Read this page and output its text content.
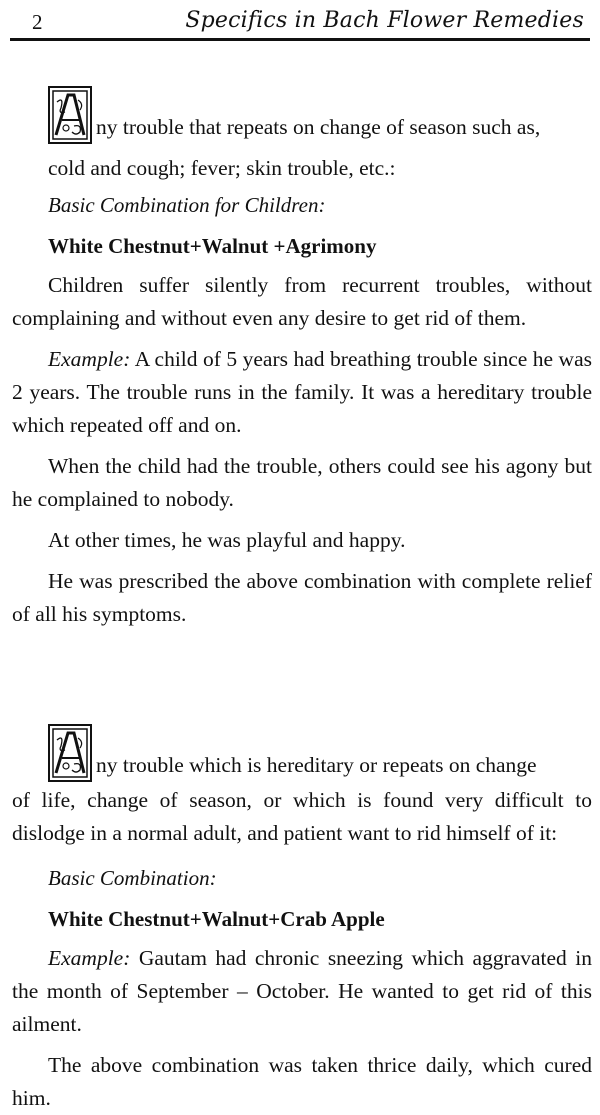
2	Specifics in Bach Flower Remedies
ny trouble that repeats on change of season such as,

cold and cough; fever; skin trouble, etc.:

Basic Combination for Children:

White Chestnut+Walnut +Agrimony

Children suffer silently from recurrent troubles, without complaining and without even any desire to get rid of them.

Example: A child of 5 years had breathing trouble since he was 2 years. The trouble runs in the family. It was a hereditary trouble which repeated off and on.

When the child had the trouble, others could see his agony but he complained to nobody.

At other times, he was playful and happy.

He was prescribed the above combination with complete relief of all his symptoms.

ny trouble which is hereditary or repeats on change

of life, change of season, or which is found very difficult to dislodge in a normal adult, and patient want to rid himself of it:

Basic Combination:

White Chestnut+Walnut+Crab Apple

Example: Gautam had chronic sneezing which aggravated in the month of September – October. He wanted to get rid of this ailment.

The above combination was taken thrice daily, which cured him.
